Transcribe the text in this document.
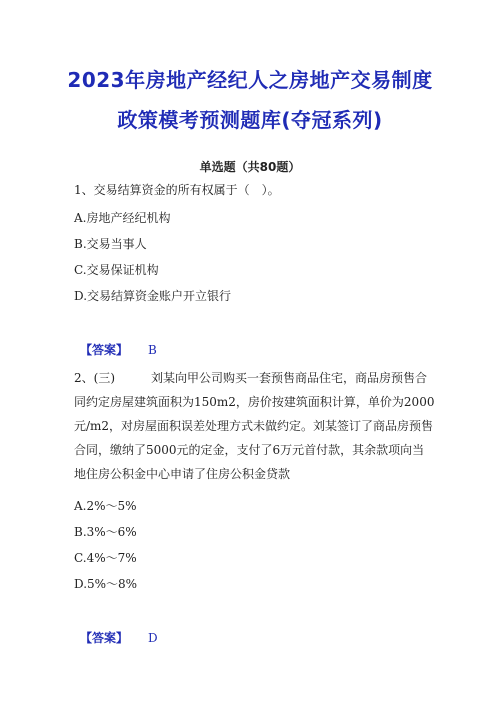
2023年房地产经纪人之房地产交易制度
政策模考预测题库(夺冠系列)
单选题（共80题）
1、交易结算资金的所有权属于（　）。
A.房地产经纪机构
B.交易当事人
C.交易保证机构
D.交易结算资金账户开立银行
【答案】 B
2、(三)　　　刘某向甲公司购买一套预售商品住宅，商品房预售合
同约定房屋建筑面积为150m2，房价按建筑面积计算，单价为2000
元/m2，对房屋面积误差处理方式未做约定。刘某签订了商品房预售
合同，缴纳了5000元的定金，支付了6万元首付款，其余款项向当
地住房公积金中心申请了住房公积金贷款
A.2%～5%
B.3%～6%
C.4%～7%
D.5%～8%
【答案】 D
